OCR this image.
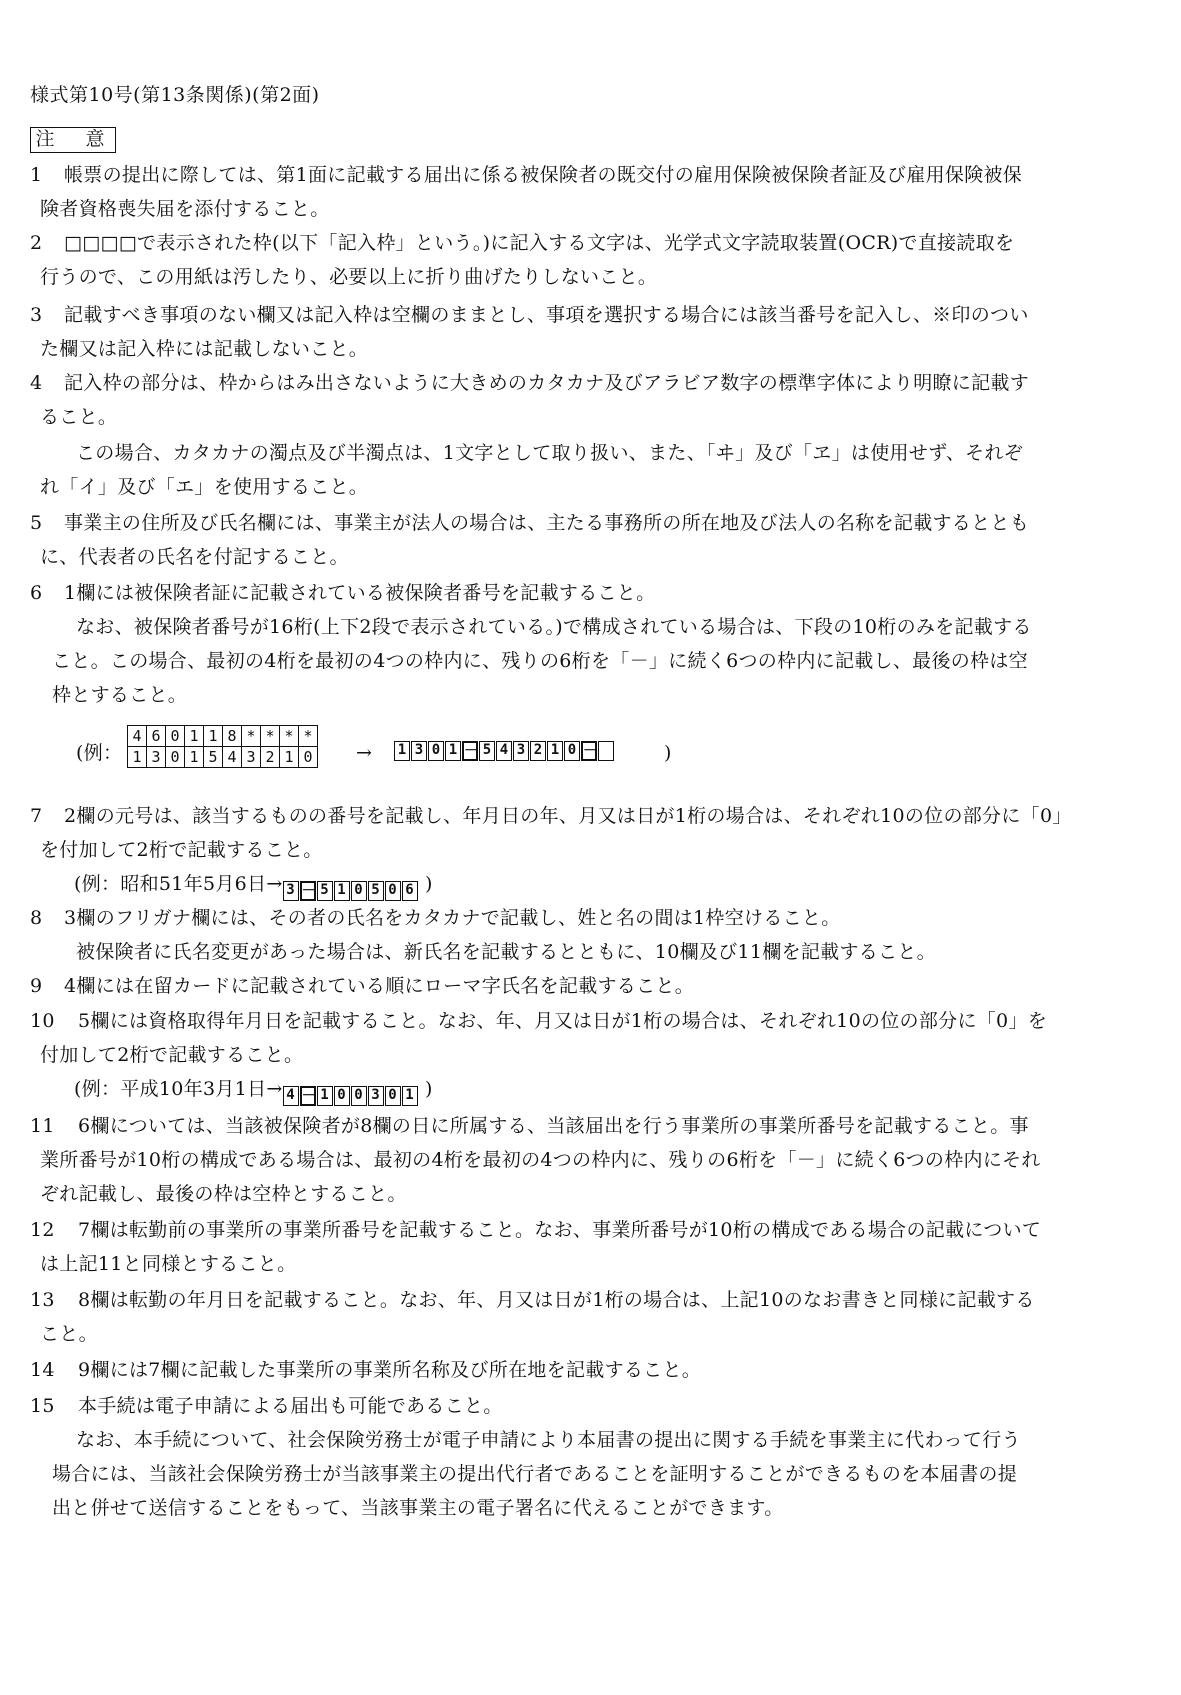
様式第10号(第13条関係)(第2面)
注　意
1 帳票の提出に際しては、第1面に記載する届出に係る被保険者の既交付の雇用保険被保険者証及び雇用保険被保
険者資格喪失届を添付すること。
2 □□□□で表示された枠(以下「記入枠」という。)に記入する文字は、光学式文字読取装置(OCR)で直接読取を
行うので、この用紙は汚したり、必要以上に折り曲げたりしないこと。
3 記載すべき事項のない欄又は記入枠は空欄のままとし、事項を選択する場合には該当番号を記入し、※印のつい
た欄又は記入枠には記載しないこと。
4 記入枠の部分は、枠からはみ出さないように大きめのカタカナ及びアラビア数字の標準字体により明瞭に記載す
ること。
この場合、カタカナの濁点及び半濁点は、1文字として取り扱い、また、「ヰ」及び「ヱ」は使用せず、それぞ
れ「イ」及び「エ」を使用すること。
5 事業主の住所及び氏名欄には、事業主が法人の場合は、主たる事務所の所在地及び法人の名称を記載するととも
に、代表者の氏名を付記すること。
6 1欄には被保険者証に記載されている被保険者番号を記載すること。
なお、被保険者番号が16桁(上下2段で表示されている。)で構成されている場合は、下段の10桁のみを記載する
こと。この場合、最初の4桁を最初の4つの枠内に、残りの6桁を「－」に続く6つの枠内に記載し、最後の枠は空
枠とすること。
(例：
4	6	0	1	1	8	*	*	*	*
1	3	0	1	5	4	3	2	1	0 → 1 3 0 1 － 5 4 3 2 1 0 －	)
7 2欄の元号は、該当するものの番号を記載し、年月日の年、月又は日が1桁の場合は、それぞれ10の位の部分に「0」
を付加して2桁で記載すること。
(例：昭和51年5月6日→ 3 － 5 1 0 5 0 6 )
8 3欄のフリガナ欄には、その者の氏名をカタカナで記載し、姓と名の間は1枠空けること。
被保険者に氏名変更があった場合は、新氏名を記載するとともに、10欄及び11欄を記載すること。
9 4欄には在留カードに記載されている順にローマ字氏名を記載すること。
10 5欄には資格取得年月日を記載すること。なお、年、月又は日が1桁の場合は、それぞれ10の位の部分に「0」を
付加して2桁で記載すること。
(例：平成10年3月1日→ 4 － 1 0 0 3 0 1 )
11 6欄については、当該被保険者が8欄の日に所属する、当該届出を行う事業所の事業所番号を記載すること。事
業所番号が10桁の構成である場合は、最初の4桁を最初の4つの枠内に、残りの6桁を「－」に続く6つの枠内にそれ
ぞれ記載し、最後の枠は空枠とすること。
12 7欄は転勤前の事業所の事業所番号を記載すること。なお、事業所番号が10桁の構成である場合の記載について
は上記11と同様とすること。
13 8欄は転勤の年月日を記載すること。なお、年、月又は日が1桁の場合は、上記10のなお書きと同様に記載する
こと。
14 9欄には7欄に記載した事業所の事業所名称及び所在地を記載すること。
15 本手続は電子申請による届出も可能であること。
なお、本手続について、社会保険労務士が電子申請により本届書の提出に関する手続を事業主に代わって行う
場合には、当該社会保険労務士が当該事業主の提出代行者であることを証明することができるものを本届書の提
出と併せて送信することをもって、当該事業主の電子署名に代えることができます。
